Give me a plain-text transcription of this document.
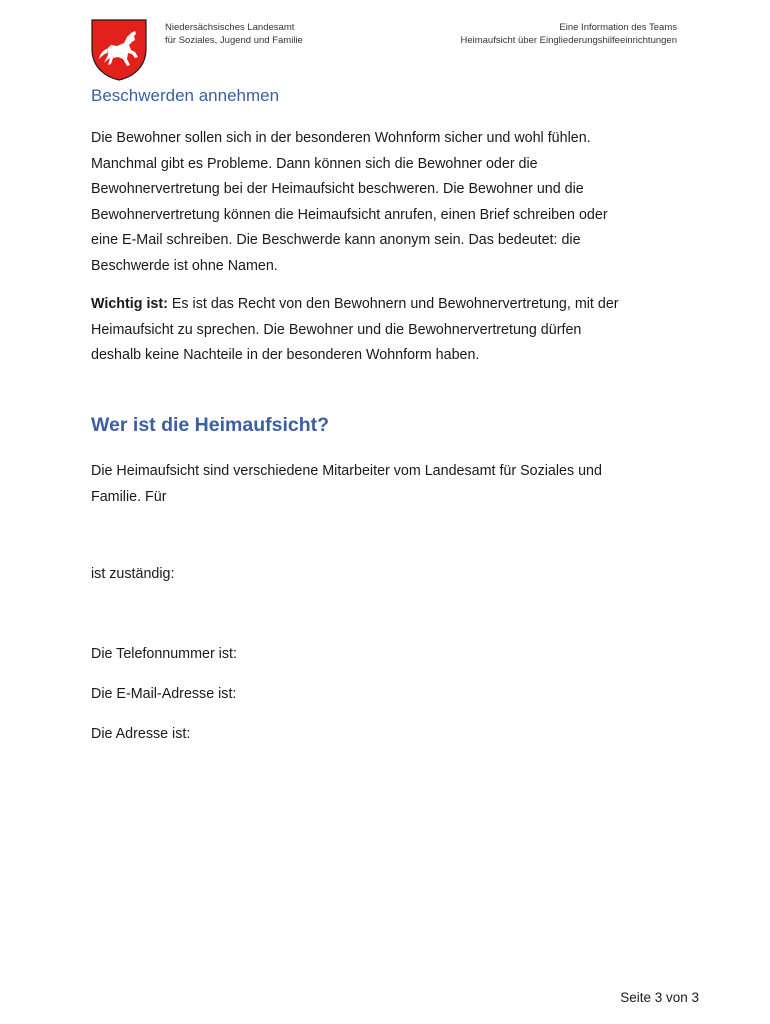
Niedersächsisches Landesamt
für Soziales, Jugend und Familie
Eine Information des Teams
Heimaufsicht über Eingliederungshilfeeinrichtungen
Beschwerden annehmen

Die Bewohner sollen sich in der besonderen Wohnform sicher und wohl fühlen.
Manchmal gibt es Probleme. Dann können sich die Bewohner oder die
Bewohnervertretung bei der Heimaufsicht beschweren. Die Bewohner und die
Bewohnervertretung können die Heimaufsicht anrufen, einen Brief schreiben oder
eine E-Mail schreiben. Die Beschwerde kann anonym sein. Das bedeutet: die
Beschwerde ist ohne Namen.

Wichtig ist: Es ist das Recht von den Bewohnern und Bewohnervertretung, mit der
Heimaufsicht zu sprechen. Die Bewohner und die Bewohnervertretung dürfen
deshalb keine Nachteile in der besonderen Wohnform haben.

Wer ist die Heimaufsicht?

Die Heimaufsicht sind verschiedene Mitarbeiter vom Landesamt für Soziales und
Familie. Für

ist zuständig:
Die Telefonnummer ist:
Die E-Mail-Adresse ist:
Die Adresse ist:
Seite 3 von 3
